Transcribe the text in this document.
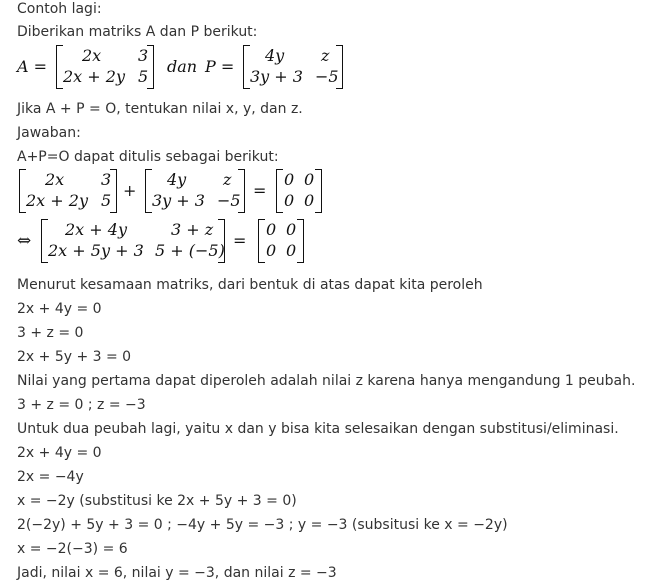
Contoh lagi:
Diberikan matriks A dan P berikut:
A =
2x 3
2x + 2y 5
dan P =
4y z
3y + 3 −5
Jika A + P = O, tentukan nilai x, y, dan z.
Jawaban:
A+P=O dapat ditulis sebagai berikut:
2x 3
2x + 2y 5
+
4y z
3y + 3 −5
=
0 0
0 0
⇔
2x + 4y	3 + z
2x + 5y + 3 5 + (−5)
=
0 0
0 0
Menurut kesamaan matriks, dari bentuk di atas dapat kita peroleh
2x + 4y = 0
3 + z = 0
2x + 5y + 3 = 0
Nilai yang pertama dapat diperoleh adalah nilai z karena hanya mengandung 1 peubah.
3 + z = 0 ; z = −3
Untuk dua peubah lagi, yaitu x dan y bisa kita selesaikan dengan substitusi/eliminasi.
2x + 4y = 0
2x = −4y
x = −2y (substitusi ke 2x + 5y + 3 = 0)
2(−2y) + 5y + 3 = 0 ; −4y + 5y = −3 ; y = −3 (subsitusi ke x = −2y)
x = −2(−3) = 6
Jadi, nilai x = 6, nilai y = −3, dan nilai z = −3
